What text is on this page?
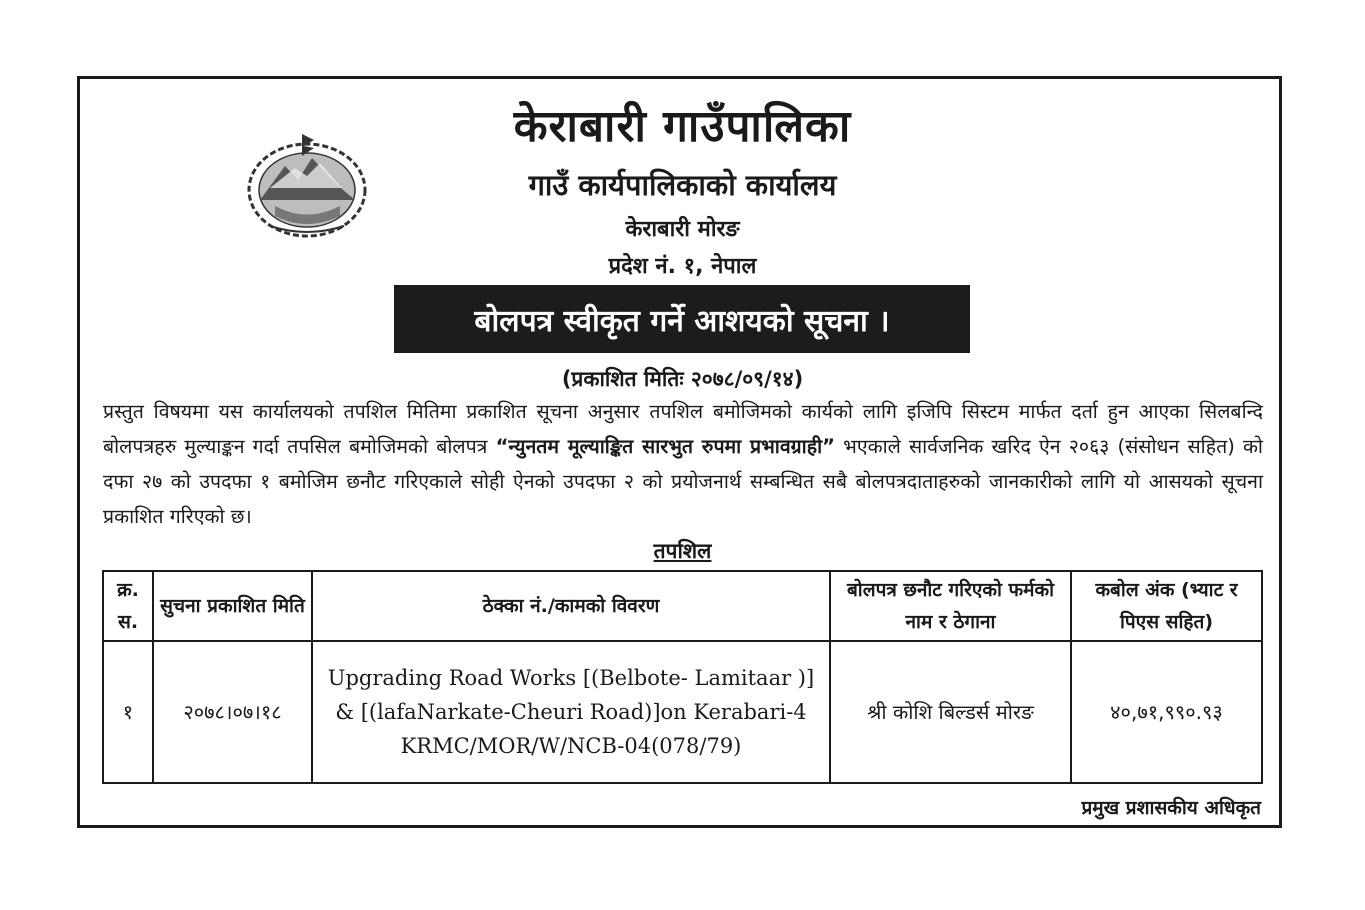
केराबारी गाउँपालिका
गाउँ कार्यपालिकाको कार्यालय
केराबारी मोरङ
प्रदेश नं. १, नेपाल
बोलपत्र स्वीकृत गर्ने आशयको सूचना ।
(प्रकाशित मितिः २०७८/०९/१४)
प्रस्तुत विषयमा यस कार्यालयको तपशिल मितिमा प्रकाशित सूचना अनुसार तपशिल बमोजिमको कार्यको लागि इजिपि सिस्टम मार्फत दर्ता हुन आएका सिलबन्दि बोलपत्रहरु मुल्याङ्कन गर्दा तपसिल बमोजिमको बोलपत्र “न्युनतम मूल्याङ्कित सारभुत रुपमा प्रभावग्राही” भएकाले सार्वजनिक खरिद ऐन २०६३ (संसोधन सहित) को दफा २७ को उपदफा १ बमोजिम छनौट गरिएकाले सोही ऐनको उपदफा २ को प्रयोजनार्थ सम्बन्धित सबै बोलपत्रदाताहरुको जानकारीको लागि यो आसयको सूचना प्रकाशित गरिएको छ।
तपशिल
क्र. स.	सुचना प्रकाशित मिति	ठेक्का नं./कामको विवरण	बोलपत्र छनौट गरिएको फर्मको नाम र ठेगाना	कबोल अंक (भ्याट र पिएस सहित)
१	२०७८।०७।१८	Upgrading Road Works [(Belbote- Lamitaar )] & [(lafaNarkate-Cheuri Road)]on Kerabari-4 KRMC/MOR/W/NCB-04(078/79)	श्री कोशि बिल्डर्स मोरङ	४०,७१,९९०.९३
प्रमुख प्रशासकीय अधिकृत
